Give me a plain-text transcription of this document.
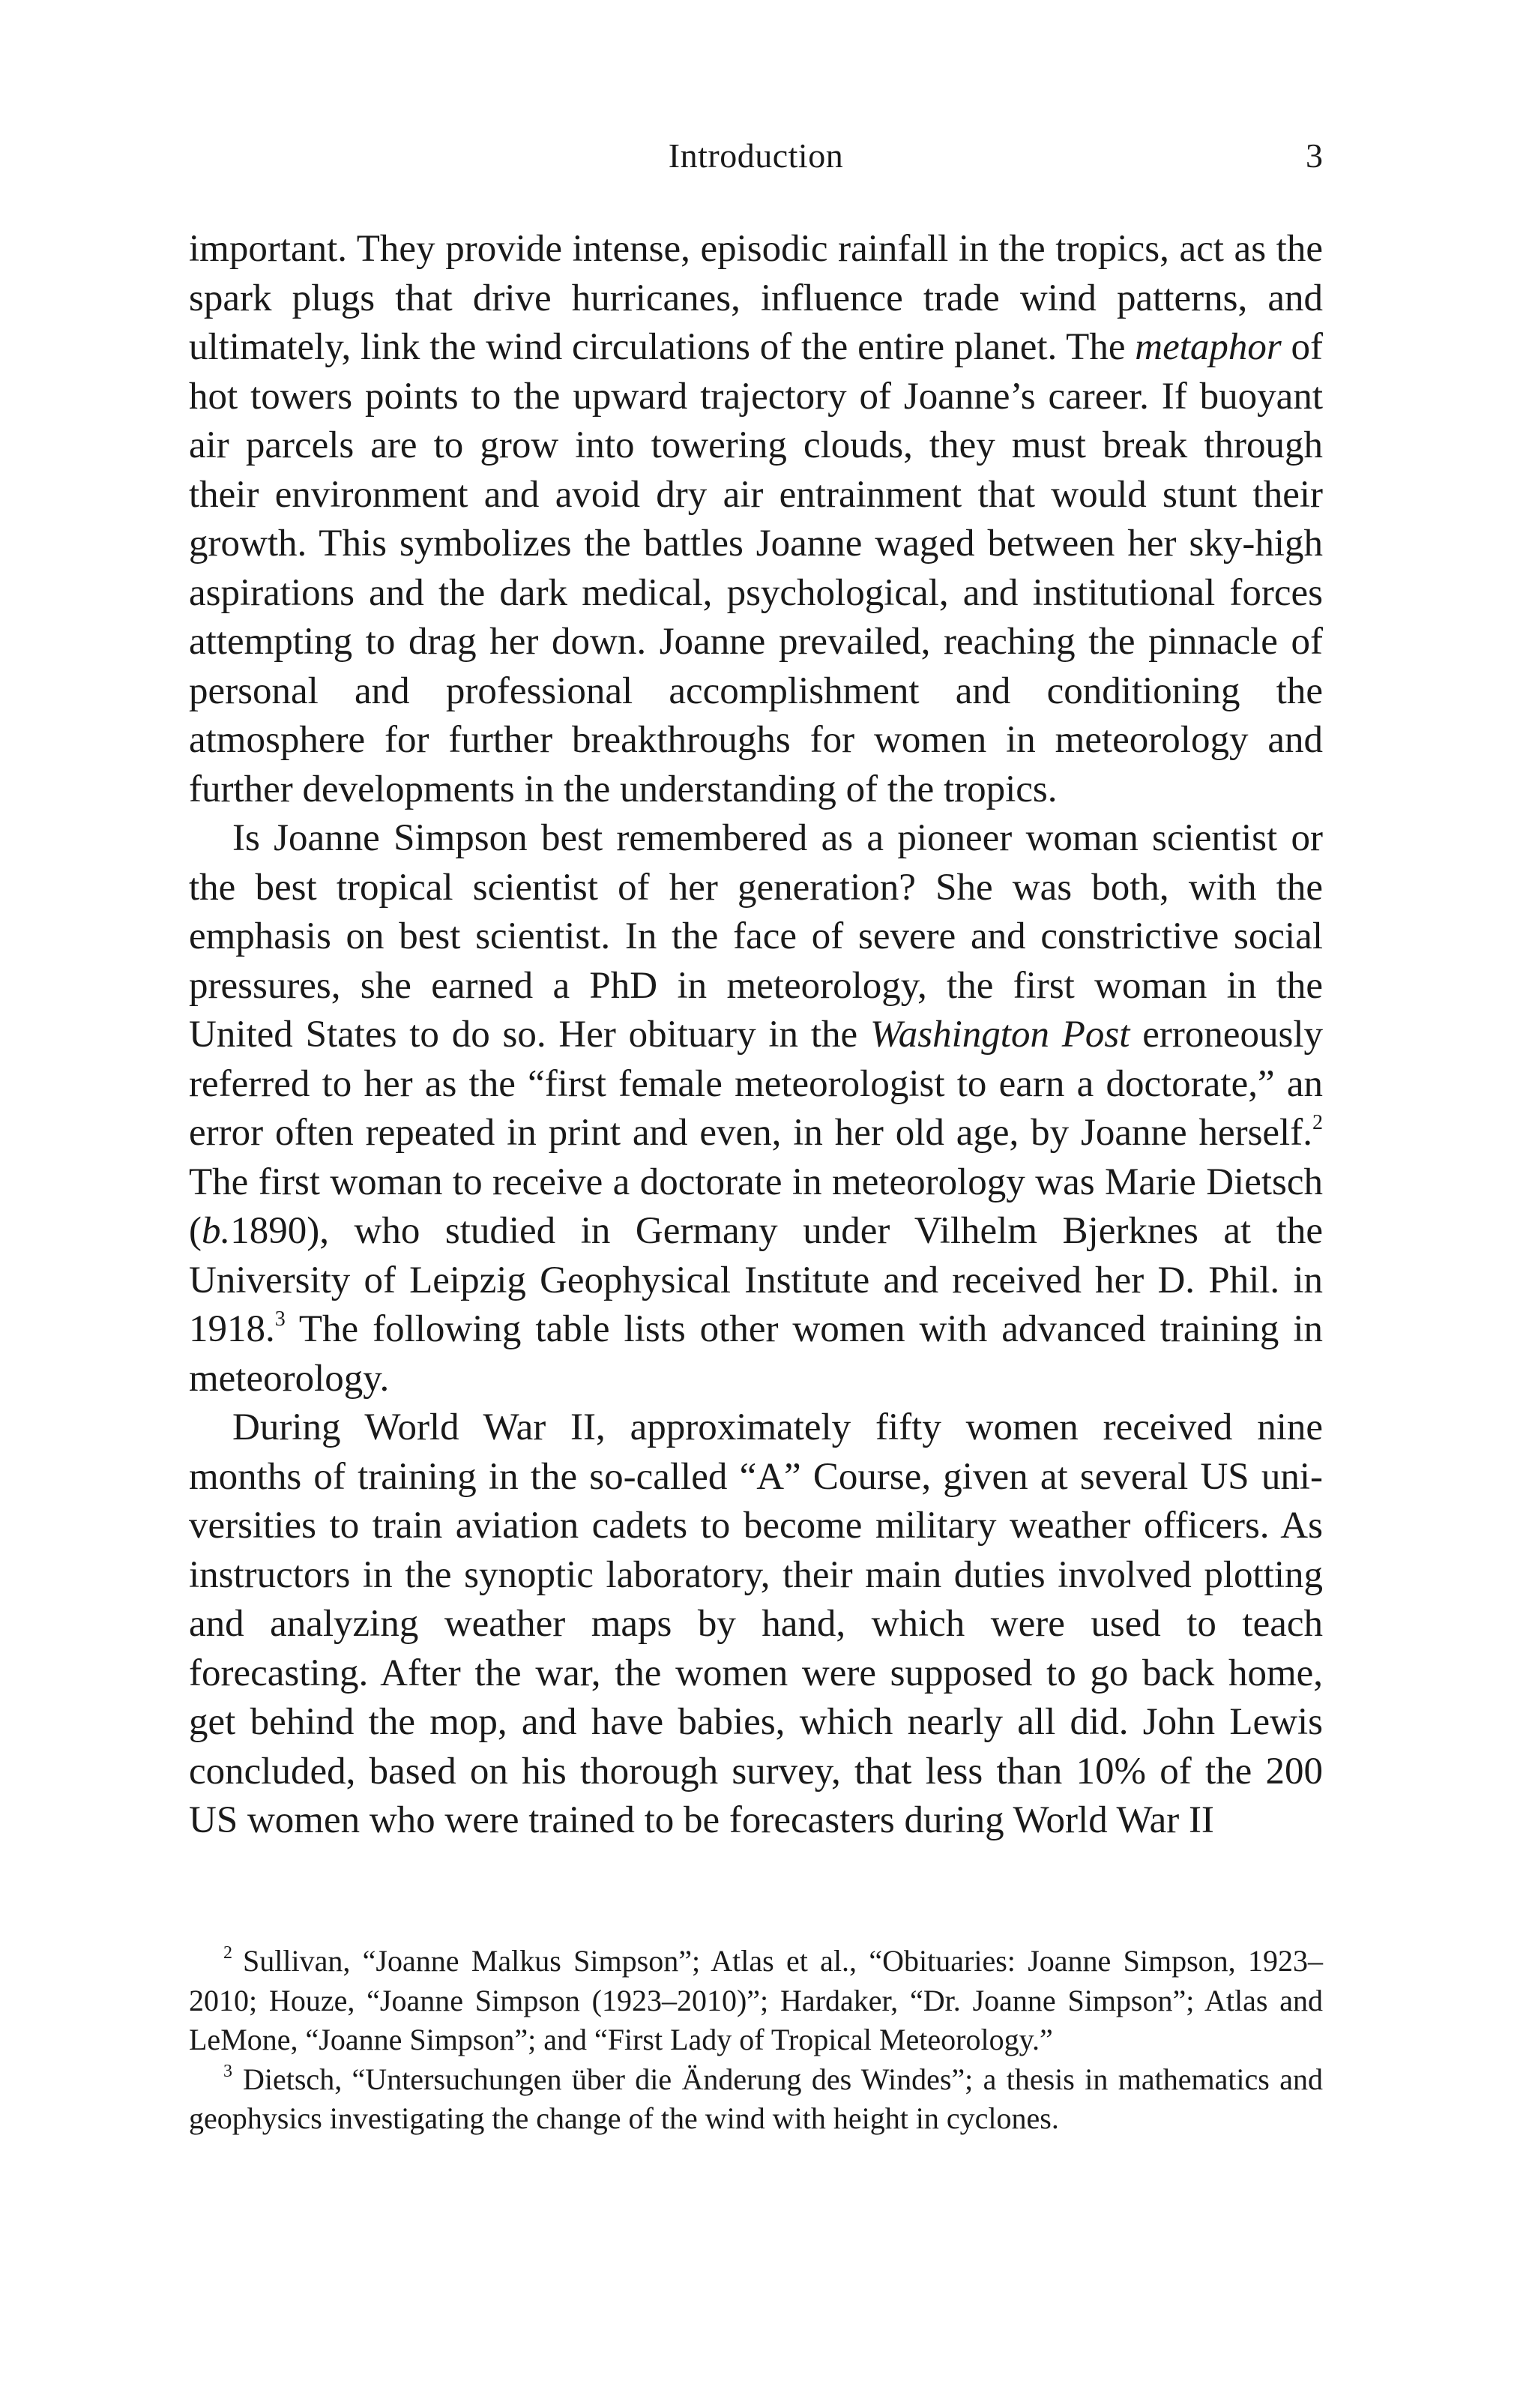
Introduction	3

important. They provide intense, episodic rainfall in the tropics, act as the spark plugs that drive hurricanes, influence trade wind patterns, and ultimately, link the wind circulations of the entire planet. The metaphor of hot towers points to the upward trajectory of Joanne’s career. If buoyant air parcels are to grow into towering clouds, they must break through their environment and avoid dry air entrainment that would stunt their growth. This symbolizes the battles Joanne waged between her sky-high aspirations and the dark medical, psychological, and institutional forces attempting to drag her down. Joanne prevailed, reaching the pinnacle of personal and professional accomplishment and conditioning the atmosphere for further breakthroughs for women in meteorology and further developments in the understanding of the tropics.

Is Joanne Simpson best remembered as a pioneer woman scientist or the best tropical scientist of her generation? She was both, with the emphasis on best scientist. In the face of severe and constrictive social pressures, she earned a PhD in meteorology, the first woman in the United States to do so. Her obituary in the Washington Post erroneously referred to her as the “first female meteorologist to earn a doctorate,” an error often repeated in print and even, in her old age, by Joanne herself.$^2$ The first woman to receive a doctorate in meteorology was Marie Dietsch (b.1890), who studied in Germany under Vilhelm Bjerknes at the University of Leipzig Geophysical Institute and received her D. Phil. in 1918.$^3$ The following table lists other women with advanced training in meteorology.

During World War II, approximately fifty women received nine months of training in the so-called “A” Course, given at several US universities to train aviation cadets to become military weather officers. As instructors in the synoptic laboratory, their main duties involved plotting and analyzing weather maps by hand, which were used to teach forecasting. After the war, the women were supposed to go back home, get behind the mop, and have babies, which nearly all did. John Lewis concluded, based on his thorough survey, that less than 10% of the 200 US women who were trained to be forecasters during World War II

$^2$ Sullivan, “Joanne Malkus Simpson”; Atlas et al., “Obituaries: Joanne Simpson, 1923–2010; Houze, “Joanne Simpson (1923–2010)”; Hardaker, “Dr. Joanne Simpson”; Atlas and LeMone, “Joanne Simpson”; and “First Lady of Tropical Meteorology.”

$^3$ Dietsch, “Untersuchungen über die Änderung des Windes”; a thesis in mathematics and geophysics investigating the change of the wind with height in cyclones.
